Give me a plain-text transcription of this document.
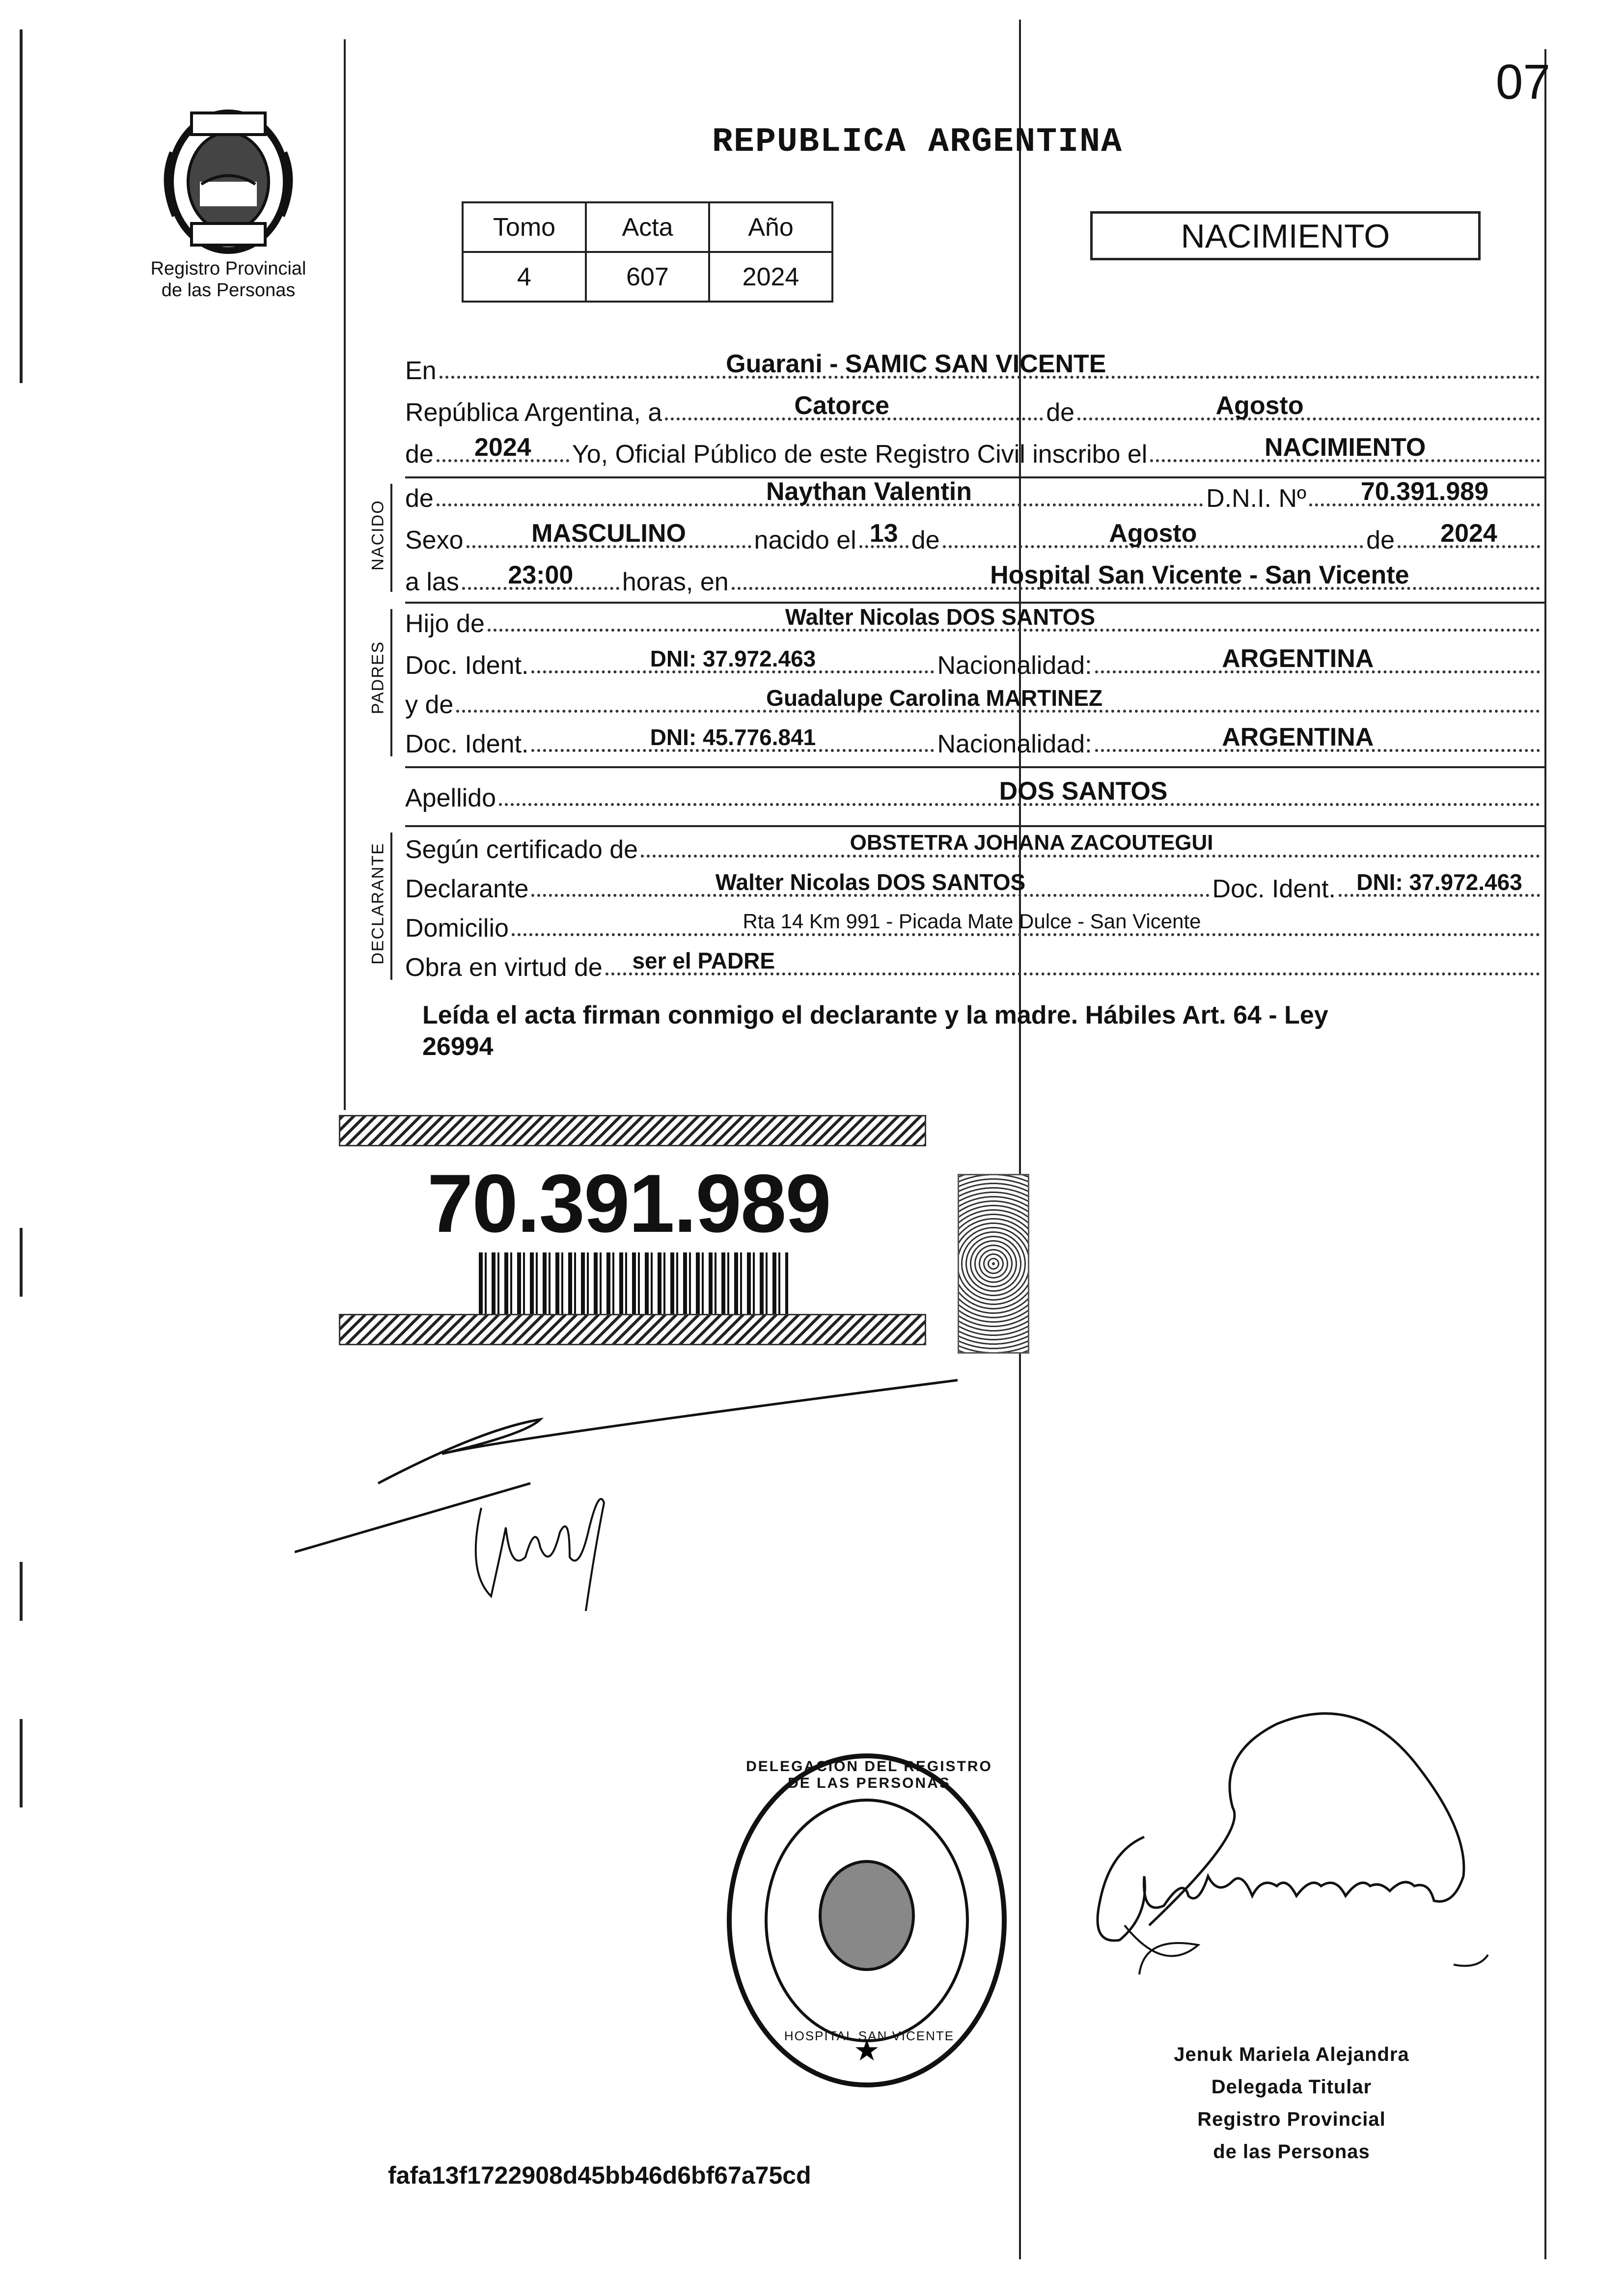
07
Registro Provincial
de las Personas
REPUBLICA ARGENTINA
Tomo	Acta	Año
4	607	2024
NACIMIENTO
En	Guarani - SAMIC SAN VICENTE
República Argentina, a	Catorce	de	Agosto
de	2024	Yo, Oficial Público de este Registro Civil inscribo el	NACIMIENTO
NACIDO
de	Naythan Valentin	D.N.I. Nº	70.391.989
Sexo	MASCULINO	nacido el 13 de	Agosto	de	2024
a las	23:00	horas, en	Hospital San Vicente - San Vicente
PADRES
Hijo de	Walter Nicolas DOS SANTOS
Doc. Ident.	DNI: 37.972.463	Nacionalidad:	ARGENTINA
y de	Guadalupe Carolina MARTINEZ
Doc. Ident.	DNI: 45.776.841	Nacionalidad:	ARGENTINA
Apellido	DOS SANTOS
DECLARANTE Según certificado de	OBSTETRA JOHANA ZACOUTEGUI
Declarante	Walter Nicolas DOS SANTOS	Doc. Ident. DNI: 37.972.463
Domicilio	Rta 14 Km 991 - Picada Mate Dulce - San Vicente
Obra en virtud de	ser el PADRE
Leída el acta firman conmigo el declarante y la madre. Hábiles Art. 64 - Ley
26994
70.391.989
★
DELEGACIÓN DEL REGISTRO DE LAS PERSONAS
HOSPITAL SAN VICENTE
Jenuk Mariela Alejandra
Delegada Titular
Registro Provincial
de las Personas
fafa13f1722908d45bb46d6bf67a75cd
